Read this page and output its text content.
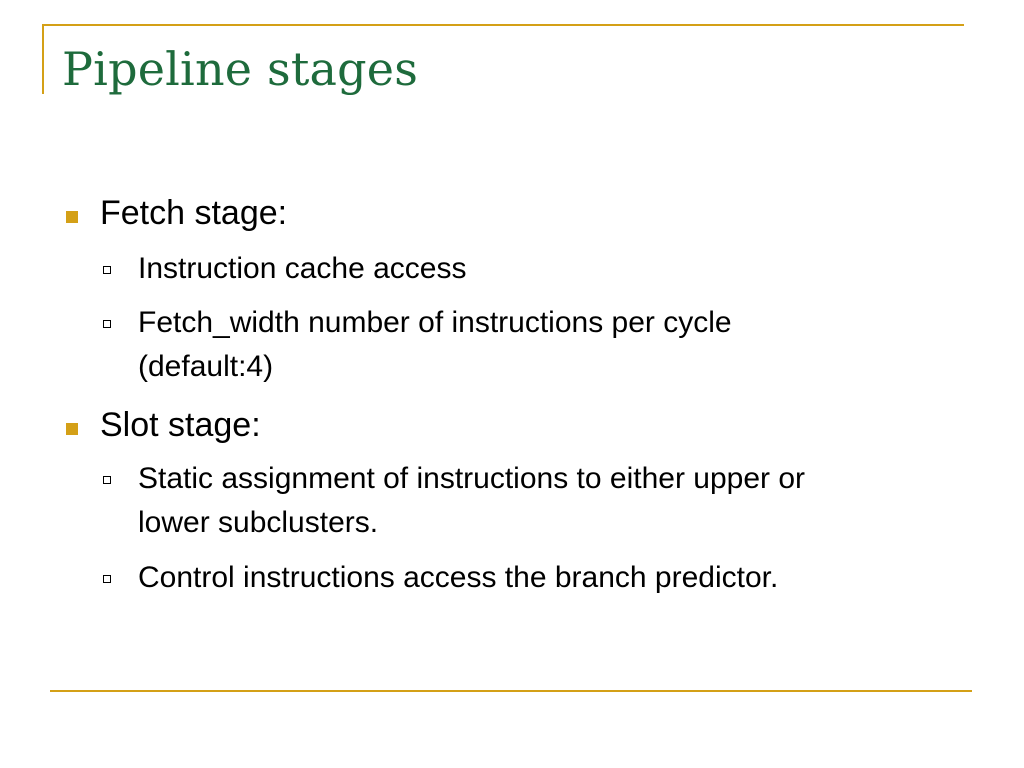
Pipeline stages
Fetch stage:
Instruction cache access
Fetch_width number of instructions per cycle
(default:4)
Slot stage:
Static assignment of instructions to either upper or
lower subclusters.
Control instructions access the branch predictor.
